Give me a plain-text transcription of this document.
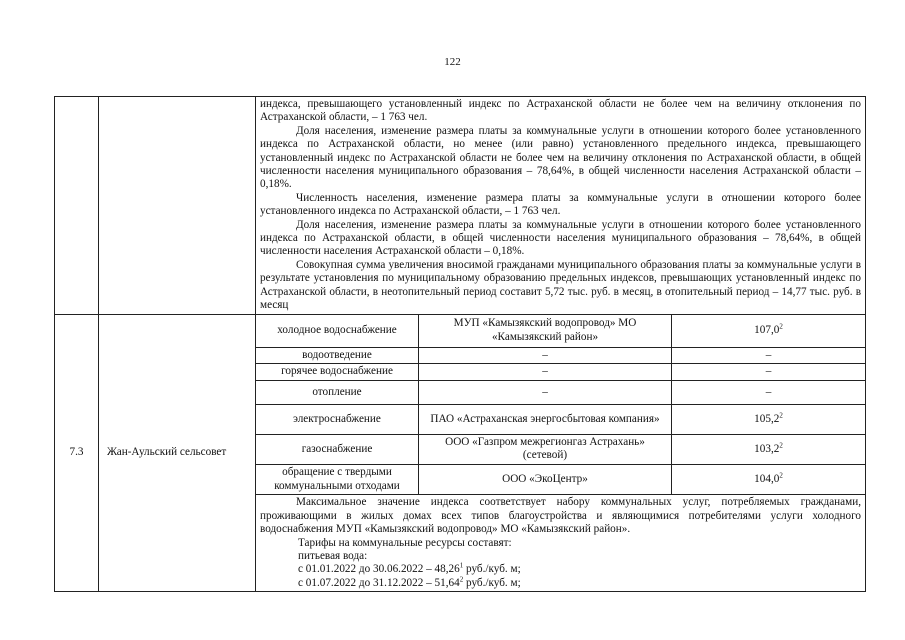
122

индекса, превышающего установленный индекс по Астраханской области не более чем на величину отклонения по Астраханской области, – 1 763 чел.

Доля населения, изменение размера платы за коммунальные услуги в отношении которого более установленного индекса по Астраханской области, но менее (или равно) установленного предельного индекса, превышающего установленный индекс по Астраханской области не более чем на величину отклонения по Астраханской области, в общей численности населения муниципального образования – 78,64%, в общей численности населения Астраханской области – 0,18%.

Численность населения, изменение размера платы за коммунальные услуги в отношении которого более установленного индекса по Астраханской области, – 1 763 чел.

Доля населения, изменение размера платы за коммунальные услуги в отношении которого более установленного индекса по Астраханской области, в общей численности населения муниципального образования – 78,64%, в общей численности населения Астраханской области – 0,18%.

Совокупная сумма увеличения вносимой гражданами муниципального образования платы за коммунальные услуги в результате установления по муниципальному образованию предельных индексов, превышающих установленный индекс по Астраханской области, в неотопительный период составит 5,72 тыс. руб. в месяц, в отопительный период – 14,77 тыс. руб. в месяц

7.3	Жан-Аульский сельсовет	
холодное водоснабжение	МУП «Камызякский водопровод» МО «Камызякский район»	107,0$^2$
водоотведение	–	–
горячее водоснабжение	–	–
отопление	–	–
электроснабжение	ПАО «Астраханская энергосбытовая компания»	105,2$^2$
газоснабжение	ООО «Газпром межрегионгаз Астрахань» (сетевой)	103,2$^2$
обращение с твердыми коммунальными отходами	ООО «ЭкоЦентр»	104,0$^2$

Максимальное значение индекса соответствует набору коммунальных услуг, потребляемых гражданами, проживающими в жилых домах всех типов благоустройства и являющимися потребителями услуги холодного водоснабжения МУП «Камызякский водопровод» МО «Камызякский район».

Тарифы на коммунальные ресурсы составят:

питьевая вода:

с 01.01.2022 до 30.06.2022 – 48,26$^1$ руб./куб. м;

с 01.07.2022 до 31.12.2022 – 51,64$^2$ руб./куб. м;
